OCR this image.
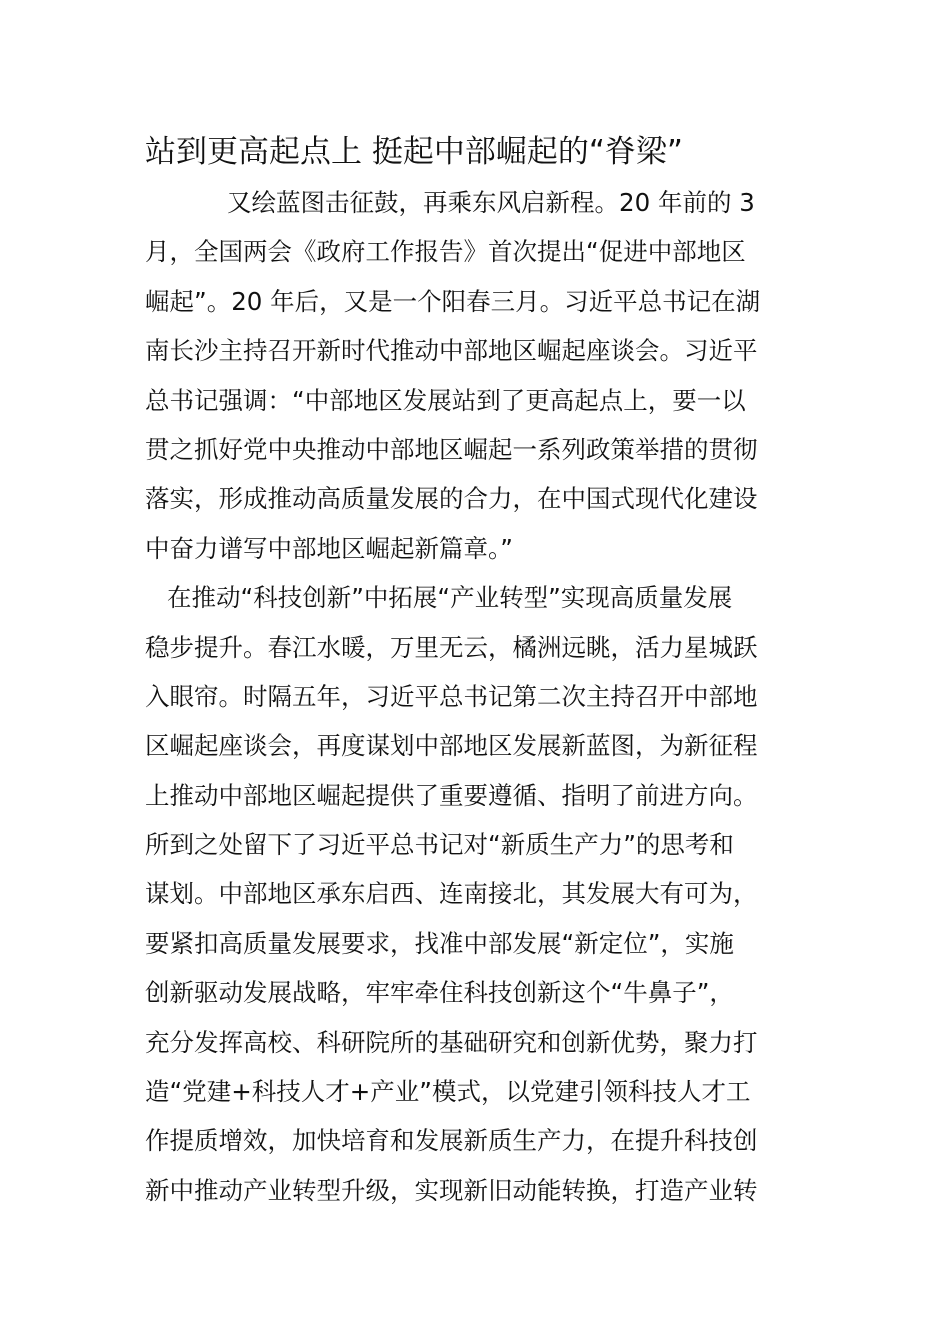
站到更高起点上 挺起中部崛起的“脊梁”
又绘蓝图击征鼓，再乘东风启新程。20 年前的 3
月，全国两会《政府工作报告》首次提出“促进中部地区
崛起”。20 年后，又是一个阳春三月。习近平总书记在湖
南长沙主持召开新时代推动中部地区崛起座谈会。习近平
总书记强调：“中部地区发展站到了更高起点上，要一以
贯之抓好党中央推动中部地区崛起一系列政策举措的贯彻
落实，形成推动高质量发展的合力，在中国式现代化建设
中奋力谱写中部地区崛起新篇章。”
在推动“科技创新”中拓展“产业转型”实现高质量发展
稳步提升。春江水暖，万里无云，橘洲远眺，活力星城跃
入眼帘。时隔五年，习近平总书记第二次主持召开中部地
区崛起座谈会，再度谋划中部地区发展新蓝图，为新征程
上推动中部地区崛起提供了重要遵循、指明了前进方向。
所到之处留下了习近平总书记对“新质生产力”的思考和
谋划。中部地区承东启西、连南接北，其发展大有可为，
要紧扣高质量发展要求，找准中部发展“新定位”，实施
创新驱动发展战略，牢牢牵住科技创新这个“牛鼻子”，
充分发挥高校、科研院所的基础研究和创新优势，聚力打
造“党建+科技人才+产业”模式，以党建引领科技人才工
作提质增效，加快培育和发展新质生产力，在提升科技创
新中推动产业转型升级，实现新旧动能转换，打造产业转
